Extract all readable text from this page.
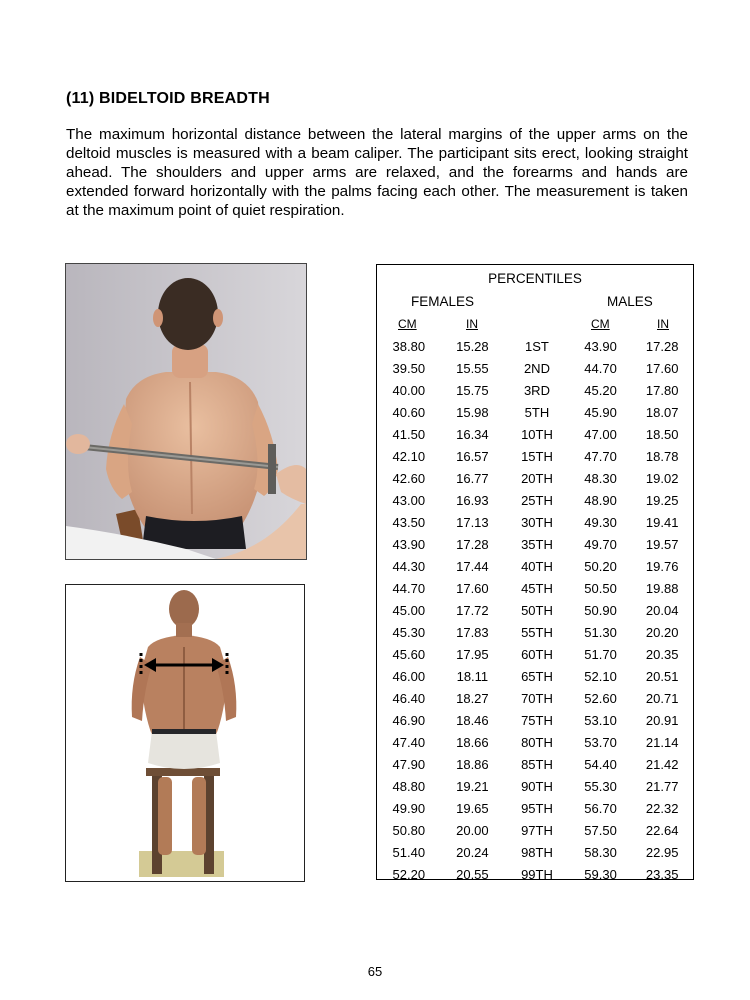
(11) BIDELTOID BREADTH
The maximum horizontal distance between the lateral margins of the upper arms on the deltoid muscles is measured with a beam caliper. The participant sits erect, looking straight ahead. The shoulders and upper arms are relaxed, and the forearms and hands are extended forward horizontally with the palms facing each other. The measurement is taken at the maximum point of quiet respiration.
PERCENTILES
FEMALES	MALES
CM	IN	CM	IN
38.80	15.28	1ST	43.90	17.28
39.50	15.55	2ND	44.70	17.60
40.00	15.75	3RD	45.20	17.80
40.60	15.98	5TH	45.90	18.07
41.50	16.34	10TH	47.00	18.50
42.10	16.57	15TH	47.70	18.78
42.60	16.77	20TH	48.30	19.02
43.00	16.93	25TH	48.90	19.25
43.50	17.13	30TH	49.30	19.41
43.90	17.28	35TH	49.70	19.57
44.30	17.44	40TH	50.20	19.76
44.70	17.60	45TH	50.50	19.88
45.00	17.72	50TH	50.90	20.04
45.30	17.83	55TH	51.30	20.20
45.60	17.95	60TH	51.70	20.35
46.00	18.11	65TH	52.10	20.51
46.40	18.27	70TH	52.60	20.71
46.90	18.46	75TH	53.10	20.91
47.40	18.66	80TH	53.70	21.14
47.90	18.86	85TH	54.40	21.42
48.80	19.21	90TH	55.30	21.77
49.90	19.65	95TH	56.70	22.32
50.80	20.00	97TH	57.50	22.64
51.40	20.24	98TH	58.30	22.95
52.20	20.55	99TH	59.30	23.35
65
